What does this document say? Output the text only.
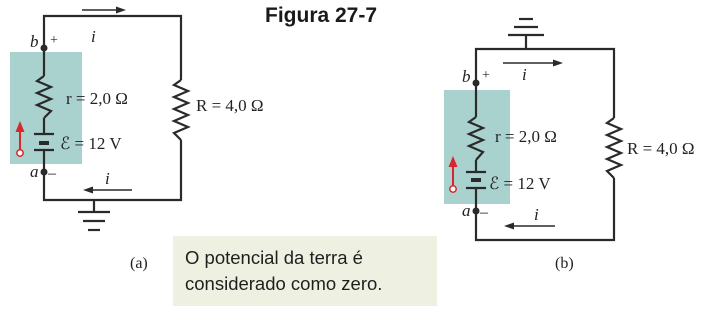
b + i
a –	i
r = 2,0 Ω
ℰ = 12 V
R = 4,0 Ω
(a)
b + i
a –	i
r = 2,0 Ω
ℰ = 12 V
R = 4,0 Ω
(b)
Figura 27-7
O potencial da terra é
considerado como zero.
